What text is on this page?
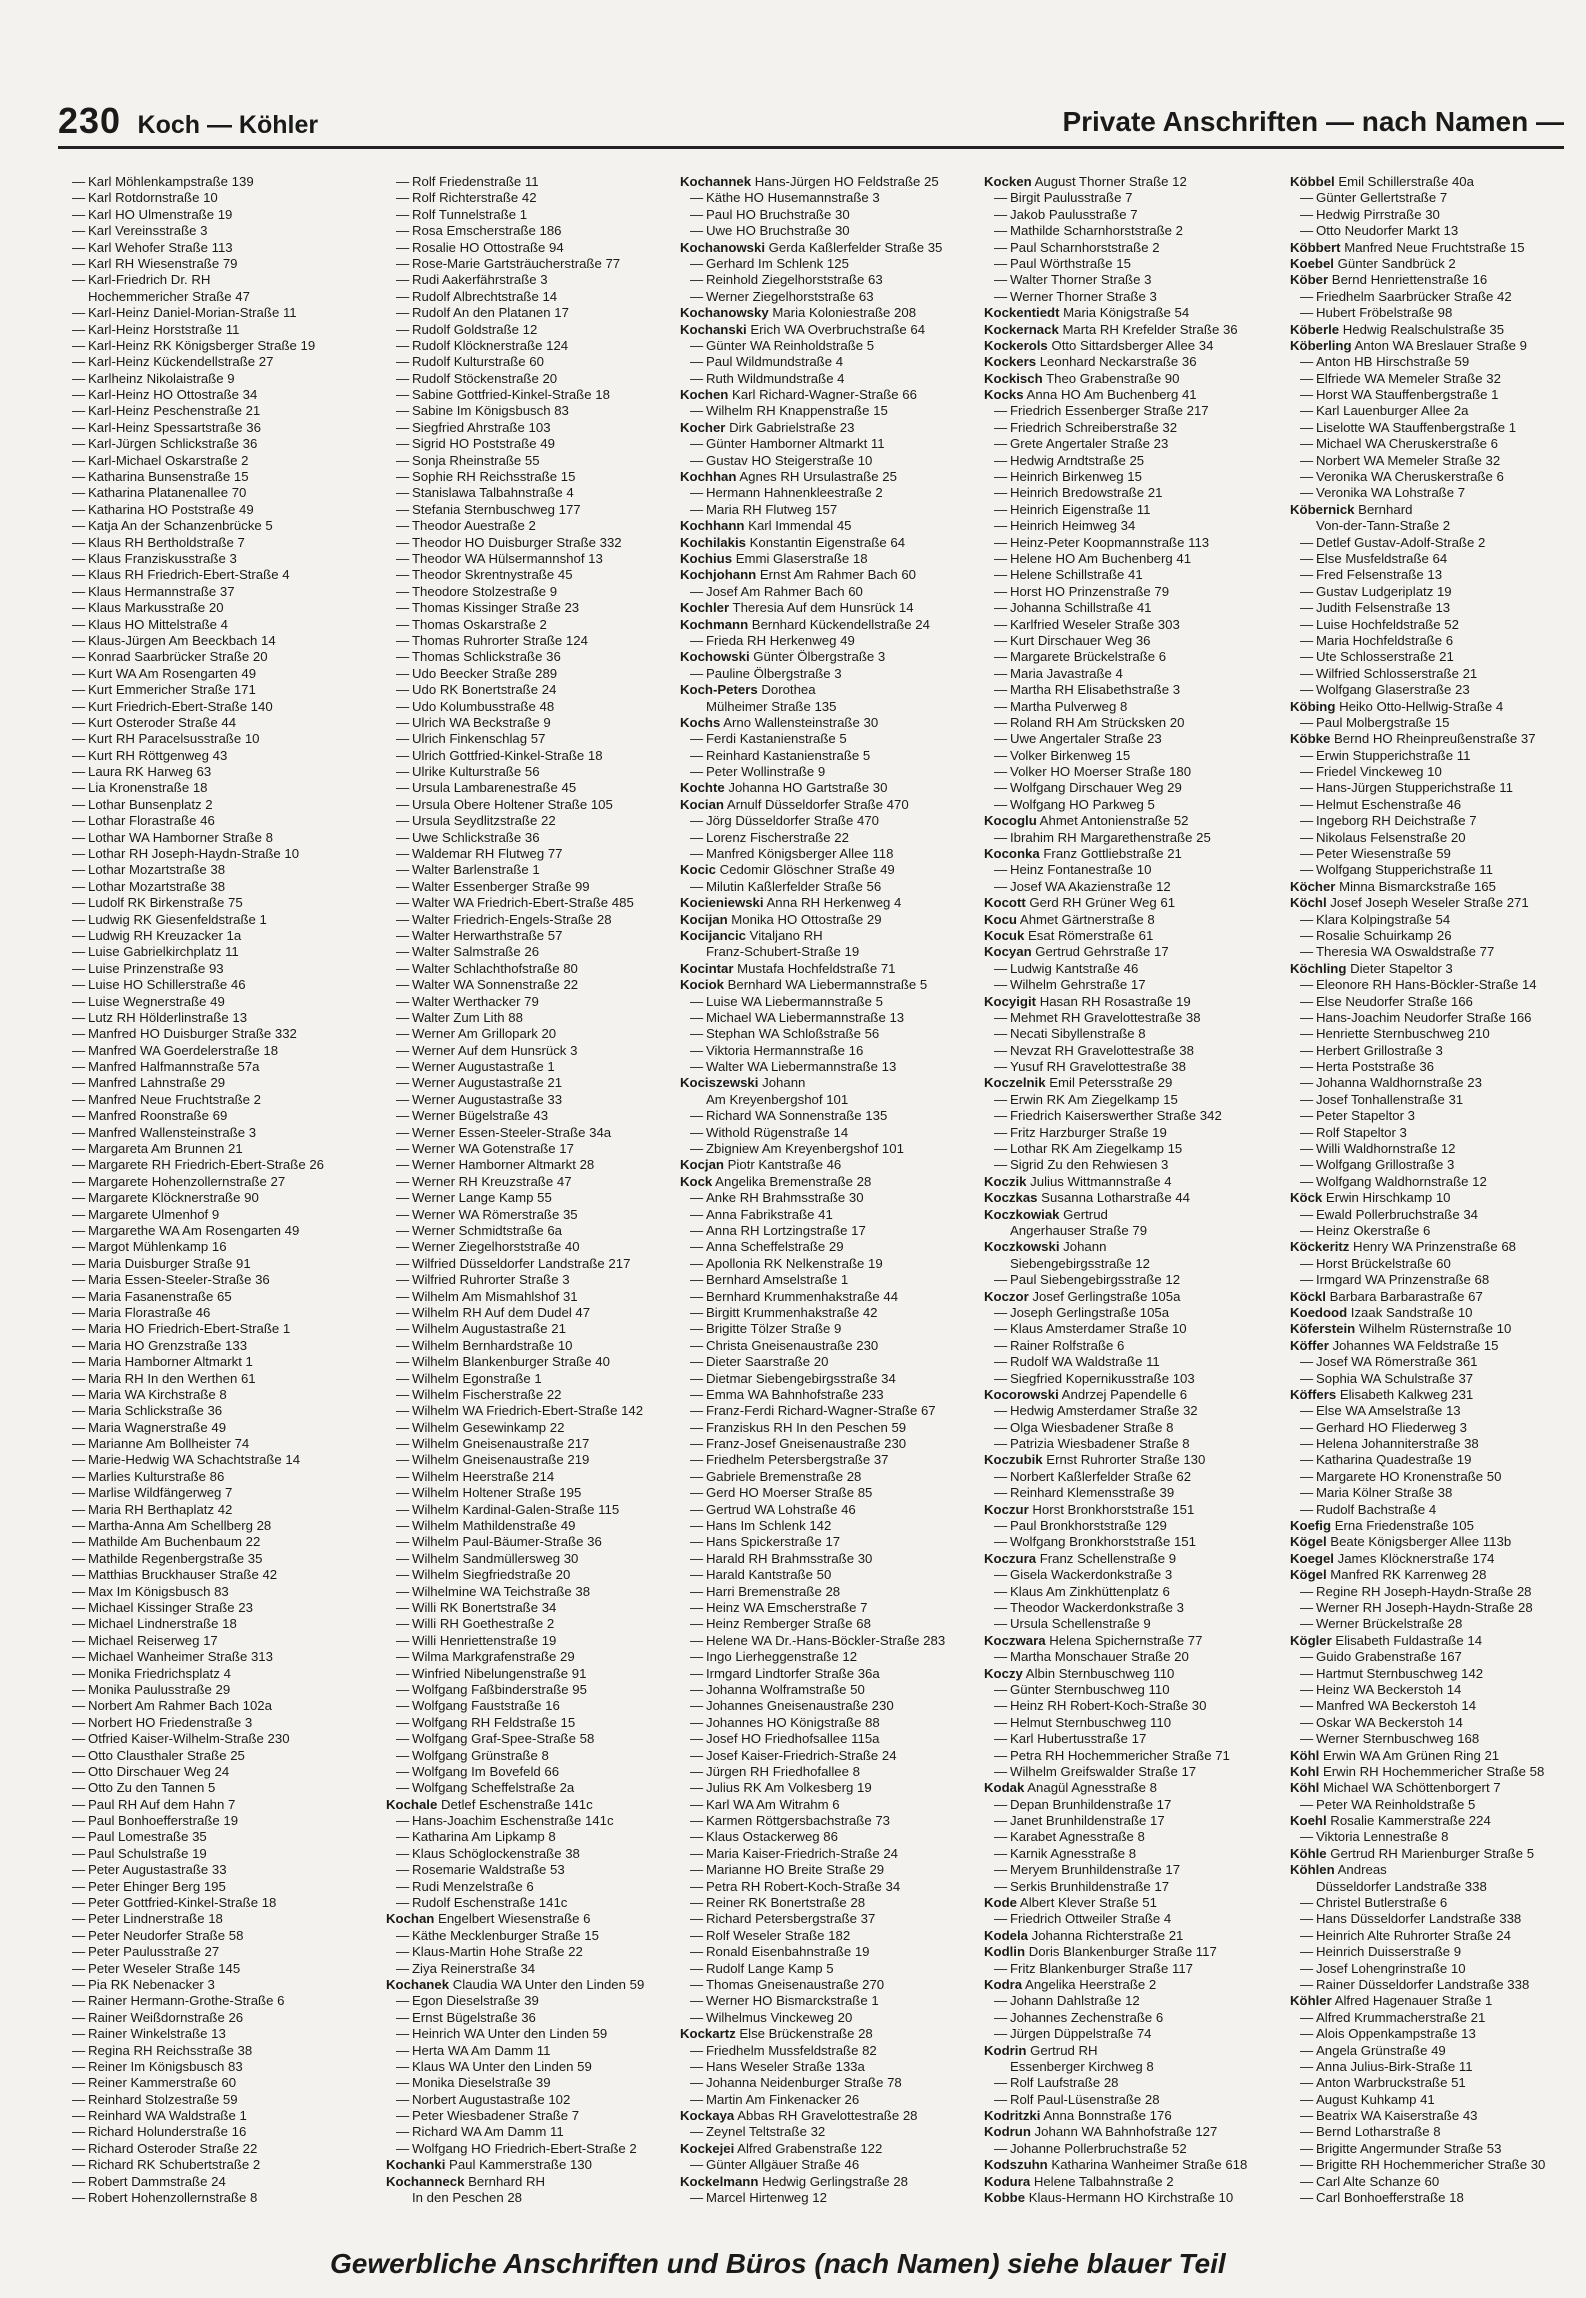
230 Koch — Köhler	Private Anschriften — nach Namen —
— Karl Möhlenkampstraße 139
— Karl Rotdornstraße 10
— Karl HO Ulmenstraße 19
— Karl Vereinsstraße 3
— Karl Wehofer Straße 113
— Karl RH Wiesenstraße 79
— Karl-Friedrich Dr. RH
Hochemmericher Straße 47
— Karl-Heinz Daniel-Morian-Straße 11
— Karl-Heinz Horststraße 11
— Karl-Heinz RK Königsberger Straße 19
— Karl-Heinz Kückendellstraße 27
— Karlheinz Nikolaistraße 9
— Karl-Heinz HO Ottostraße 34
— Karl-Heinz Peschenstraße 21
— Karl-Heinz Spessartstraße 36
— Karl-Jürgen Schlickstraße 36
— Karl-Michael Oskarstraße 2
— Katharina Bunsenstraße 15
— Katharina Platanenallee 70
— Katharina HO Poststraße 49
— Katja An der Schanzenbrücke 5
— Klaus RH Bertholdstraße 7
— Klaus Franziskusstraße 3
— Klaus RH Friedrich-Ebert-Straße 4
— Klaus Hermannstraße 37
— Klaus Markusstraße 20
— Klaus HO Mittelstraße 4
— Klaus-Jürgen Am Beeckbach 14
— Konrad Saarbrücker Straße 20
— Kurt WA Am Rosengarten 49
— Kurt Emmericher Straße 171
— Kurt Friedrich-Ebert-Straße 140
— Kurt Osteroder Straße 44
— Kurt RH Paracelsusstraße 10
— Kurt RH Röttgenweg 43
— Laura RK Harweg 63
— Lia Kronenstraße 18
— Lothar Bunsenplatz 2
— Lothar Florastraße 46
— Lothar WA Hamborner Straße 8
— Lothar RH Joseph-Haydn-Straße 10
— Lothar Mozartstraße 38
— Lothar Mozartstraße 38
— Ludolf RK Birkenstraße 75
— Ludwig RK Giesenfeldstraße 1
— Ludwig RH Kreuzacker 1a
— Luise Gabrielkirchplatz 11
— Luise Prinzenstraße 93
— Luise HO Schillerstraße 46
— Luise Wegnerstraße 49
— Lutz RH Hölderlinstraße 13
— Manfred HO Duisburger Straße 332
— Manfred WA Goerdelerstraße 18
— Manfred Halfmannstraße 57a
— Manfred Lahnstraße 29
— Manfred Neue Fruchtstraße 2
— Manfred Roonstraße 69
— Manfred Wallensteinstraße 3
— Margareta Am Brunnen 21
— Margarete RH Friedrich-Ebert-Straße 26
— Margarete Hohenzollernstraße 27
— Margarete Klöcknerstraße 90
— Margarete Ulmenhof 9
— Margarethe WA Am Rosengarten 49
— Margot Mühlenkamp 16
— Maria Duisburger Straße 91
— Maria Essen-Steeler-Straße 36
— Maria Fasanenstraße 65
— Maria Florastraße 46
— Maria HO Friedrich-Ebert-Straße 1
— Maria HO Grenzstraße 133
— Maria Hamborner Altmarkt 1
— Maria RH In den Werthen 61
— Maria WA Kirchstraße 8
— Maria Schlickstraße 36
— Maria Wagnerstraße 49
— Marianne Am Bollheister 74
— Marie-Hedwig WA Schachtstraße 14
— Marlies Kulturstraße 86
— Marlise Wildfängerweg 7
— Maria RH Berthaplatz 42
— Martha-Anna Am Schellberg 28
— Mathilde Am Buchenbaum 22
— Mathilde Regenbergstraße 35
— Matthias Bruckhauser Straße 42
— Max Im Königsbusch 83
— Michael Kissinger Straße 23
— Michael Lindnerstraße 18
— Michael Reiserweg 17
— Michael Wanheimer Straße 313
— Monika Friedrichsplatz 4
— Monika Paulusstraße 29
— Norbert Am Rahmer Bach 102a
— Norbert HO Friedenstraße 3
— Otfried Kaiser-Wilhelm-Straße 230
— Otto Clausthaler Straße 25
— Otto Dirschauer Weg 24
— Otto Zu den Tannen 5
— Paul RH Auf dem Hahn 7
— Paul Bonhoefferstraße 19
— Paul Lomestraße 35
— Paul Schulstraße 19
— Peter Augustastraße 33
— Peter Ehinger Berg 195
— Peter Gottfried-Kinkel-Straße 18
— Peter Lindnerstraße 18
— Peter Neudorfer Straße 58
— Peter Paulusstraße 27
— Peter Weseler Straße 145
— Pia RK Nebenacker 3
— Rainer Hermann-Grothe-Straße 6
— Rainer Weißdornstraße 26
— Rainer Winkelstraße 13
— Regina RH Reichsstraße 38
— Reiner Im Königsbusch 83
— Reiner Kammerstraße 60
— Reinhard Stolzestraße 59
— Reinhard WA Waldstraße 1
— Richard Holunderstraße 16
— Richard Osteroder Straße 22
— Richard RK Schubertstraße 2
— Robert Dammstraße 24
— Robert Hohenzollernstraße 8
— Rolf Friedenstraße 11
— Rolf Richterstraße 42
— Rolf Tunnelstraße 1
— Rosa Emscherstraße 186
— Rosalie HO Ottostraße 94
— Rose-Marie Gartsträucherstraße 77
— Rudi Aakerfährstraße 3
— Rudolf Albrechtstraße 14
— Rudolf An den Platanen 17
— Rudolf Goldstraße 12
— Rudolf Klöcknerstraße 124
— Rudolf Kulturstraße 60
— Rudolf Stöckenstraße 20
— Sabine Gottfried-Kinkel-Straße 18
— Sabine Im Königsbusch 83
— Siegfried Ahrstraße 103
— Sigrid HO Poststraße 49
— Sonja Rheinstraße 55
— Sophie RH Reichsstraße 15
— Stanislawa Talbahnstraße 4
— Stefania Sternbuschweg 177
— Theodor Auestraße 2
— Theodor HO Duisburger Straße 332
— Theodor WA Hülsermannshof 13
— Theodor Skrentnystraße 45
— Theodore Stolzestraße 9
— Thomas Kissinger Straße 23
— Thomas Oskarstraße 2
— Thomas Ruhrorter Straße 124
— Thomas Schlickstraße 36
— Udo Beecker Straße 289
— Udo RK Bonertstraße 24
— Udo Kolumbusstraße 48
— Ulrich WA Beckstraße 9
— Ulrich Finkenschlag 57
— Ulrich Gottfried-Kinkel-Straße 18
— Ulrike Kulturstraße 56
— Ursula Lambarenestraße 45
— Ursula Obere Holtener Straße 105
— Ursula Seydlitzstraße 22
— Uwe Schlickstraße 36
— Waldemar RH Flutweg 77
— Walter Barlenstraße 1
— Walter Essenberger Straße 99
— Walter WA Friedrich-Ebert-Straße 485
— Walter Friedrich-Engels-Straße 28
— Walter Herwarthstraße 57
— Walter Salmstraße 26
— Walter Schlachthofstraße 80
— Walter WA Sonnenstraße 22
— Walter Werthacker 79
— Walter Zum Lith 88
— Werner Am Grillopark 20
— Werner Auf dem Hunsrück 3
— Werner Augustastraße 1
— Werner Augustastraße 21
— Werner Augustastraße 33
— Werner Bügelstraße 43
— Werner Essen-Steeler-Straße 34a
— Werner WA Gotenstraße 17
— Werner Hamborner Altmarkt 28
— Werner RH Kreuzstraße 47
— Werner Lange Kamp 55
— Werner WA Römerstraße 35
— Werner Schmidtstraße 6a
— Werner Ziegelhorststraße 40
— Wilfried Düsseldorfer Landstraße 217
— Wilfried Ruhrorter Straße 3
— Wilhelm Am Mismahlshof 31
— Wilhelm RH Auf dem Dudel 47
— Wilhelm Augustastraße 21
— Wilhelm Bernhardstraße 10
— Wilhelm Blankenburger Straße 40
— Wilhelm Egonstraße 1
— Wilhelm Fischerstraße 22
— Wilhelm WA Friedrich-Ebert-Straße 142
— Wilhelm Gesewinkamp 22
— Wilhelm Gneisenaustraße 217
— Wilhelm Gneisenaustraße 219
— Wilhelm Heerstraße 214
— Wilhelm Holtener Straße 195
— Wilhelm Kardinal-Galen-Straße 115
— Wilhelm Mathildenstraße 49
— Wilhelm Paul-Bäumer-Straße 36
— Wilhelm Sandmüllersweg 30
— Wilhelm Siegfriedstraße 20
— Wilhelmine WA Teichstraße 38
— Willi RK Bonertstraße 34
— Willi RH Goethestraße 2
— Willi Henriettenstraße 19
— Wilma Markgrafenstraße 29
— Winfried Nibelungenstraße 91
— Wolfgang Faßbinderstraße 95
— Wolfgang Fauststraße 16
— Wolfgang RH Feldstraße 15
— Wolfgang Graf-Spee-Straße 58
— Wolfgang Grünstraße 8
— Wolfgang Im Bovefeld 66
— Wolfgang Scheffelstraße 2a
Kochale Detlef Eschenstraße 141c
— Hans-Joachim Eschenstraße 141c
— Katharina Am Lipkamp 8
— Klaus Schöglockenstraße 38
— Rosemarie Waldstraße 53
— Rudi Menzelstraße 6
— Rudolf Eschenstraße 141c
Kochan Engelbert Wiesenstraße 6
— Käthe Mecklenburger Straße 15
— Klaus-Martin Hohe Straße 22
— Ziya Reinerstraße 34
Kochanek Claudia WA Unter den Linden 59
— Egon Dieselstraße 39
— Ernst Bügelstraße 36
— Heinrich WA Unter den Linden 59
— Herta WA Am Damm 11
— Klaus WA Unter den Linden 59
— Monika Dieselstraße 39
— Norbert Augustastraße 102
— Peter Wiesbadener Straße 7
— Richard WA Am Damm 11
— Wolfgang HO Friedrich-Ebert-Straße 2
Kochanki Paul Kammerstraße 130
Kochanneck Bernhard RH
In den Peschen 28
Kochannek Hans-Jürgen HO Feldstraße 25
— Käthe HO Husemannstraße 3
— Paul HO Bruchstraße 30
— Uwe HO Bruchstraße 30
Kochanowski Gerda Kaßlerfelder Straße 35
— Gerhard Im Schlenk 125
— Reinhold Ziegelhorststraße 63
— Werner Ziegelhorststraße 63
Kochanowsky Maria Koloniestraße 208
Kochanski Erich WA Overbruchstraße 64
— Günter WA Reinholdstraße 5
— Paul Wildmundstraße 4
— Ruth Wildmundstraße 4
Kochen Karl Richard-Wagner-Straße 66
— Wilhelm RH Knappenstraße 15
Kocher Dirk Gabrielstraße 23
— Günter Hamborner Altmarkt 11
— Gustav HO Steigerstraße 10
Kochhan Agnes RH Ursulastraße 25
— Hermann Hahnenkleestraße 2
— Maria RH Flutweg 157
Kochhann Karl Immendal 45
Kochilakis Konstantin Eigenstraße 64
Kochius Emmi Glaserstraße 18
Kochjohann Ernst Am Rahmer Bach 60
— Josef Am Rahmer Bach 60
Kochler Theresia Auf dem Hunsrück 14
Kochmann Bernhard Kückendellstraße 24
— Frieda RH Herkenweg 49
Kochowski Günter Ölbergstraße 3
— Pauline Ölbergstraße 3
Koch-Peters Dorothea
Mülheimer Straße 135
Kochs Arno Wallensteinstraße 30
— Ferdi Kastanienstraße 5
— Reinhard Kastanienstraße 5
— Peter Wollinstraße 9
Kochte Johanna HO Gartstraße 30
Kocian Arnulf Düsseldorfer Straße 470
— Jörg Düsseldorfer Straße 470
— Lorenz Fischerstraße 22
— Manfred Königsberger Allee 118
Kocic Cedomir Glöschner Straße 49
— Milutin Kaßlerfelder Straße 56
Kocieniewski Anna RH Herkenweg 4
Kocijan Monika HO Ottostraße 29
Kocijancic Vitaljano RH
Franz-Schubert-Straße 19
Kocintar Mustafa Hochfeldstraße 71
Kociok Bernhard WA Liebermannstraße 5
— Luise WA Liebermannstraße 5
— Michael WA Liebermannstraße 13
— Stephan WA Schloßstraße 56
— Viktoria Hermannstraße 16
— Walter WA Liebermannstraße 13
Kociszewski Johann
Am Kreyenbergshof 101
— Richard WA Sonnenstraße 135
— Withold Rügenstraße 14
— Zbigniew Am Kreyenbergshof 101
Kocjan Piotr Kantstraße 46
Kock Angelika Bremenstraße 28
— Anke RH Brahmsstraße 30
— Anna Fabrikstraße 41
— Anna RH Lortzingstraße 17
— Anna Scheffelstraße 29
— Apollonia RK Nelkenstraße 19
— Bernhard Amselstraße 1
— Bernhard Krummenhakstraße 44
— Birgitt Krummenhakstraße 42
— Brigitte Tölzer Straße 9
— Christa Gneisenaustraße 230
— Dieter Saarstraße 20
— Dietmar Siebengebirgsstraße 34
— Emma WA Bahnhofstraße 233
— Franz-Ferdi Richard-Wagner-Straße 67
— Franziskus RH In den Peschen 59
— Franz-Josef Gneisenaustraße 230
— Friedhelm Petersbergstraße 37
— Gabriele Bremenstraße 28
— Gerd HO Moerser Straße 85
— Gertrud WA Lohstraße 46
— Hans Im Schlenk 142
— Hans Spickerstraße 17
— Harald RH Brahmsstraße 30
— Harald Kantstraße 50
— Harri Bremenstraße 28
— Heinz WA Emscherstraße 7
— Heinz Remberger Straße 68
— Helene WA Dr.-Hans-Böckler-Straße 283
— Ingo Lierheggenstraße 12
— Irmgard Lindtorfer Straße 36a
— Johanna Wolframstraße 50
— Johannes Gneisenaustraße 230
— Johannes HO Königstraße 88
— Josef HO Friedhofsallee 115a
— Josef Kaiser-Friedrich-Straße 24
— Jürgen RH Friedhofallee 8
— Julius RK Am Volkesberg 19
— Karl WA Am Witrahm 6
— Karmen Röttgersbachstraße 73
— Klaus Ostackerweg 86
— Maria Kaiser-Friedrich-Straße 24
— Marianne HO Breite Straße 29
— Petra RH Robert-Koch-Straße 34
— Reiner RK Bonertstraße 28
— Richard Petersbergstraße 37
— Rolf Weseler Straße 182
— Ronald Eisenbahnstraße 19
— Rudolf Lange Kamp 5
— Thomas Gneisenaustraße 270
— Werner HO Bismarckstraße 1
— Wilhelmus Vinckeweg 20
Kockartz Else Brückenstraße 28
— Friedhelm Mussfeldstraße 82
— Hans Weseler Straße 133a
— Johanna Neidenburger Straße 78
— Martin Am Finkenacker 26
Kockaya Abbas RH Gravelottestraße 28
— Zeynel Teltstraße 32
Kockejei Alfred Grabenstraße 122
— Günter Allgäuer Straße 46
Kockelmann Hedwig Gerlingstraße 28
— Marcel Hirtenweg 12
Kocken August Thorner Straße 12
— Birgit Paulusstraße 7
— Jakob Paulusstraße 7
— Mathilde Scharnhorststraße 2
— Paul Scharnhorststraße 2
— Paul Wörthstraße 15
— Walter Thorner Straße 3
— Werner Thorner Straße 3
Kockentiedt Maria Königstraße 54
Kockernack Marta RH Krefelder Straße 36
Kockerols Otto Sittardsberger Allee 34
Kockers Leonhard Neckarstraße 36
Kockisch Theo Grabenstraße 90
Kocks Anna HO Am Buchenberg 41
— Friedrich Essenberger Straße 217
— Friedrich Schreiberstraße 32
— Grete Angertaler Straße 23
— Hedwig Arndtstraße 25
— Heinrich Birkenweg 15
— Heinrich Bredowstraße 21
— Heinrich Eigenstraße 11
— Heinrich Heimweg 34
— Heinz-Peter Koopmannstraße 113
— Helene HO Am Buchenberg 41
— Helene Schillstraße 41
— Horst HO Prinzenstraße 79
— Johanna Schillstraße 41
— Karlfried Weseler Straße 303
— Kurt Dirschauer Weg 36
— Margarete Brückelstraße 6
— Maria Javastraße 4
— Martha RH Elisabethstraße 3
— Martha Pulverweg 8
— Roland RH Am Strücksken 20
— Uwe Angertaler Straße 23
— Volker Birkenweg 15
— Volker HO Moerser Straße 180
— Wolfgang Dirschauer Weg 29
— Wolfgang HO Parkweg 5
Kocoglu Ahmet Antonienstraße 52
— Ibrahim RH Margarethenstraße 25
Koconka Franz Gottliebstraße 21
— Heinz Fontanestraße 10
— Josef WA Akazienstraße 12
Kocott Gerd RH Grüner Weg 61
Kocu Ahmet Gärtnerstraße 8
Kocuk Esat Römerstraße 61
Kocyan Gertrud Gehrstraße 17
— Ludwig Kantstraße 46
— Wilhelm Gehrstraße 17
Kocyigit Hasan RH Rosastraße 19
— Mehmet RH Gravelottestraße 38
— Necati Sibyllenstraße 8
— Nevzat RH Gravelottestraße 38
— Yusuf RH Gravelottestraße 38
Koczelnik Emil Petersstraße 29
— Erwin RK Am Ziegelkamp 15
— Friedrich Kaiserswerther Straße 342
— Fritz Harzburger Straße 19
— Lothar RK Am Ziegelkamp 15
— Sigrid Zu den Rehwiesen 3
Koczik Julius Wittmannstraße 4
Koczkas Susanna Lotharstraße 44
Koczkowiak Gertrud
Angerhauser Straße 79
Koczkowski Johann
Siebengebirgsstraße 12
— Paul Siebengebirgsstraße 12
Koczor Josef Gerlingstraße 105a
— Joseph Gerlingstraße 105a
— Klaus Amsterdamer Straße 10
— Rainer Rolfstraße 6
— Rudolf WA Waldstraße 11
— Siegfried Kopernikusstraße 103
Kocorowski Andrzej Papendelle 6
— Hedwig Amsterdamer Straße 32
— Olga Wiesbadener Straße 8
— Patrizia Wiesbadener Straße 8
Koczubik Ernst Ruhrorter Straße 130
— Norbert Kaßlerfelder Straße 62
— Reinhard Klemensstraße 39
Koczur Horst Bronkhorststraße 151
— Paul Bronkhorststraße 129
— Wolfgang Bronkhorststraße 151
Koczura Franz Schellenstraße 9
— Gisela Wackerdonkstraße 3
— Klaus Am Zinkhüttenplatz 6
— Theodor Wackerdonkstraße 3
— Ursula Schellenstraße 9
Koczwara Helena Spichernstraße 77
— Martha Monschauer Straße 20
Koczy Albin Sternbuschweg 110
— Günter Sternbuschweg 110
— Heinz RH Robert-Koch-Straße 30
— Helmut Sternbuschweg 110
— Karl Hubertusstraße 17
— Petra RH Hochemmericher Straße 71
— Wilhelm Greifswalder Straße 17
Kodak Anagül Agnesstraße 8
— Depan Brunhildenstraße 17
— Janet Brunhildenstraße 17
— Karabet Agnesstraße 8
— Karnik Agnesstraße 8
— Meryem Brunhildenstraße 17
— Serkis Brunhildenstraße 17
Kode Albert Klever Straße 51
— Friedrich Ottweiler Straße 4
Kodela Johanna Richterstraße 21
Kodlin Doris Blankenburger Straße 117
— Fritz Blankenburger Straße 117
Kodra Angelika Heerstraße 2
— Johann Dahlstraße 12
— Johannes Zechenstraße 6
— Jürgen Düppelstraße 74
Kodrin Gertrud RH
Essenberger Kirchweg 8
— Rolf Laufstraße 28
— Rolf Paul-Lüsenstraße 28
Kodritzki Anna Bonnstraße 176
Kodrun Johann WA Bahnhofstraße 127
— Johanne Pollerbruchstraße 52
Kodszuhn Katharina Wanheimer Straße 618
Kodura Helene Talbahnstraße 2
Kobbe Klaus-Hermann HO Kirchstraße 10
Köbbel Emil Schillerstraße 40a
— Günter Gellertstraße 7
— Hedwig Pirrstraße 30
— Otto Neudorfer Markt 13
Köbbert Manfred Neue Fruchtstraße 15
Koebel Günter Sandbrück 2
Köber Bernd Henriettenstraße 16
— Friedhelm Saarbrücker Straße 42
— Hubert Fröbelstraße 98
Köberle Hedwig Realschulstraße 35
Köberling Anton WA Breslauer Straße 9
— Anton HB Hirschstraße 59
— Elfriede WA Memeler Straße 32
— Horst WA Stauffenbergstraße 1
— Karl Lauenburger Allee 2a
— Liselotte WA Stauffenbergstraße 1
— Michael WA Cheruskerstraße 6
— Norbert WA Memeler Straße 32
— Veronika WA Cheruskerstraße 6
— Veronika WA Lohstraße 7
Köbernick Bernhard
Von-der-Tann-Straße 2
— Detlef Gustav-Adolf-Straße 2
— Else Musfeldstraße 64
— Fred Felsenstraße 13
— Gustav Ludgeriplatz 19
— Judith Felsenstraße 13
— Luise Hochfeldstraße 52
— Maria Hochfeldstraße 6
— Ute Schlosserstraße 21
— Wilfried Schlosserstraße 21
— Wolfgang Glaserstraße 23
Köbing Heiko Otto-Hellwig-Straße 4
— Paul Molbergstraße 15
Köbke Bernd HO Rheinpreußenstraße 37
— Erwin Stupperichstraße 11
— Friedel Vinckeweg 10
— Hans-Jürgen Stupperichstraße 11
— Helmut Eschenstraße 46
— Ingeborg RH Deichstraße 7
— Nikolaus Felsenstraße 20
— Peter Wiesenstraße 59
— Wolfgang Stupperichstraße 11
Köcher Minna Bismarckstraße 165
Köchl Josef Joseph Weseler Straße 271
— Klara Kolpingstraße 54
— Rosalie Schuirkamp 26
— Theresia WA Oswaldstraße 77
Köchling Dieter Stapeltor 3
— Eleonore RH Hans-Böckler-Straße 14
— Else Neudorfer Straße 166
— Hans-Joachim Neudorfer Straße 166
— Henriette Sternbuschweg 210
— Herbert Grillostraße 3
— Herta Poststraße 36
— Johanna Waldhornstraße 23
— Josef Tonhallenstraße 31
— Peter Stapeltor 3
— Rolf Stapeltor 3
— Willi Waldhornstraße 12
— Wolfgang Grillostraße 3
— Wolfgang Waldhornstraße 12
Köck Erwin Hirschkamp 10
— Ewald Pollerbruchstraße 34
— Heinz Okerstraße 6
Köckeritz Henry WA Prinzenstraße 68
— Horst Brückelstraße 60
— Irmgard WA Prinzenstraße 68
Köckl Barbara Barbarastraße 67
Koedood Izaak Sandstraße 10
Köferstein Wilhelm Rüsternstraße 10
Köffer Johannes WA Feldstraße 15
— Josef WA Römerstraße 361
— Sophia WA Schulstraße 37
Köffers Elisabeth Kalkweg 231
— Else WA Amselstraße 13
— Gerhard HO Fliederweg 3
— Helena Johanniterstraße 38
— Katharina Quadestraße 19
— Margarete HO Kronenstraße 50
— Maria Kölner Straße 38
— Rudolf Bachstraße 4
Koefig Erna Friedenstraße 105
Kögel Beate Königsberger Allee 113b
Koegel James Klöcknerstraße 174
Kögel Manfred RK Karrenweg 28
— Regine RH Joseph-Haydn-Straße 28
— Werner RH Joseph-Haydn-Straße 28
— Werner Brückelstraße 28
Kögler Elisabeth Fuldastraße 14
— Guido Grabenstraße 167
— Hartmut Sternbuschweg 142
— Heinz WA Beckerstoh 14
— Manfred WA Beckerstoh 14
— Oskar WA Beckerstoh 14
— Werner Sternbuschweg 168
Köhl Erwin WA Am Grünen Ring 21
Kohl Erwin RH Hochemmericher Straße 58
Köhl Michael WA Schöttenborgert 7
— Peter WA Reinholdstraße 5
Koehl Rosalie Kammerstraße 224
— Viktoria Lennestraße 8
Köhle Gertrud RH Marienburger Straße 5
Köhlen Andreas
Düsseldorfer Landstraße 338
— Christel Butlerstraße 6
— Hans Düsseldorfer Landstraße 338
— Heinrich Alte Ruhrorter Straße 24
— Heinrich Duisserstraße 9
— Josef Lohengrinstraße 10
— Rainer Düsseldorfer Landstraße 338
Köhler Alfred Hagenauer Straße 1
— Alfred Krummacherstraße 21
— Alois Oppenkampstraße 13
— Angela Grünstraße 49
— Anna Julius-Birk-Straße 11
— Anton Warbruckstraße 51
— August Kuhkamp 41
— Beatrix WA Kaiserstraße 43
— Bernd Lotharstraße 8
— Brigitte Angermunder Straße 53
— Brigitte RH Hochemmericher Straße 30
— Carl Alte Schanze 60
— Carl Bonhoefferstraße 18
Gewerbliche Anschriften und Büros (nach Namen) siehe blauer Teil
